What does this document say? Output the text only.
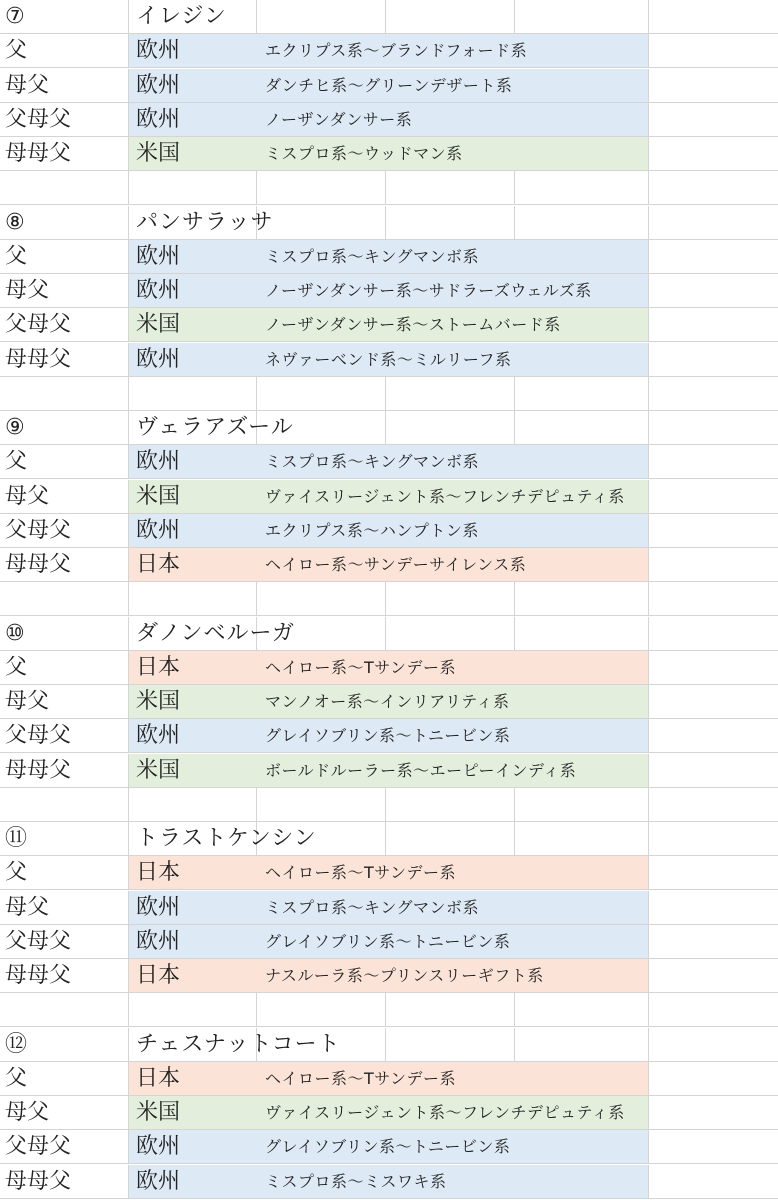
⑦	イレジン
父	欧州	エクリプス系～ブランドフォード系
母父	欧州	ダンチヒ系～グリーンデザート系
父母父	欧州	ノーザンダンサー系
母母父	米国	ミスプロ系～ウッドマン系
⑧	パンサラッサ
父	欧州	ミスプロ系～キングマンボ系
母父	欧州	ノーザンダンサー系～サドラーズウェルズ系
父母父	米国	ノーザンダンサー系～ストームバード系
母母父	欧州	ネヴァーベンド系～ミルリーフ系
⑨	ヴェラアズール
父	欧州	ミスプロ系～キングマンボ系
母父	米国	ヴァイスリージェント系～フレンチデピュティ系
父母父	欧州	エクリプス系～ハンプトン系
母母父	日本	ヘイロー系～サンデーサイレンス系
⑩	ダノンベルーガ
父	日本	ヘイロー系～Tサンデー系
母父	米国	マンノオー系～インリアリティ系
父母父	欧州	グレイソブリン系～トニービン系
母母父	米国	ボールドルーラー系～エーピーインディ系
⑪	トラストケンシン
父	日本	ヘイロー系～Tサンデー系
母父	欧州	ミスプロ系～キングマンボ系
父母父	欧州	グレイソブリン系～トニービン系
母母父	日本	ナスルーラ系～プリンスリーギフト系
⑫	チェスナットコート
父	日本	ヘイロー系～Tサンデー系
母父	米国	ヴァイスリージェント系～フレンチデピュティ系
父母父	欧州	グレイソブリン系～トニービン系
母母父	欧州	ミスプロ系～ミスワキ系
